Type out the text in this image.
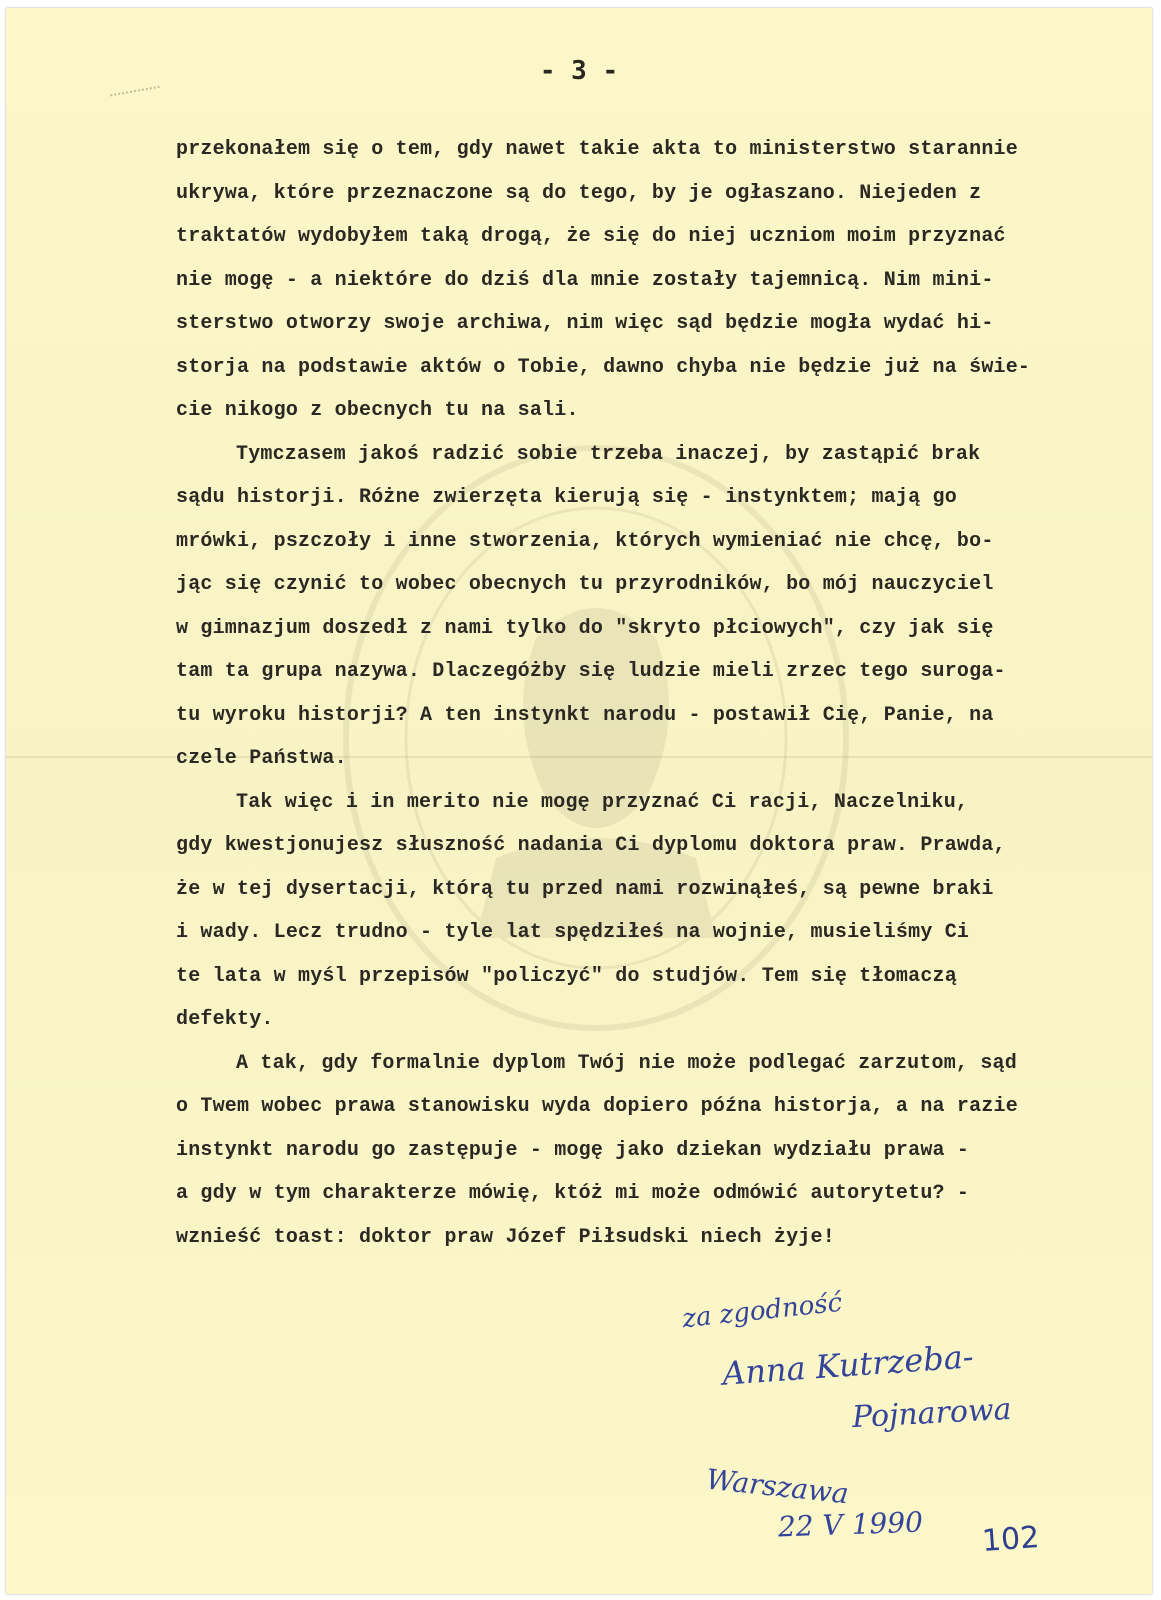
- 3 -
przekonałem się o tem, gdy nawet takie akta to ministerstwo starannie
ukrywa, które przeznaczone są do tego, by je ogłaszano. Niejeden z
traktatów wydobyłem taką drogą, że się do niej uczniom moim przyznać
nie mogę - a niektóre do dziś dla mnie zostały tajemnicą. Nim mini-
sterstwo otworzy swoje archiwa, nim więc sąd będzie mogła wydać hi-
storja na podstawie aktów o Tobie, dawno chyba nie będzie już na świe-
cie nikogo z obecnych tu na sali.
Tymczasem jakoś radzić sobie trzeba inaczej, by zastąpić brak
sądu historji. Różne zwierzęta kierują się - instynktem; mają go
mrówki, pszczoły i inne stworzenia, których wymieniać nie chcę, bo-
jąc się czynić to wobec obecnych tu przyrodników, bo mój nauczyciel
w gimnazjum doszedł z nami tylko do "skryto płciowych", czy jak się
tam ta grupa nazywa. Dlaczegóżby się ludzie mieli zrzec tego suroga-
tu wyroku historji? A ten instynkt narodu - postawił Cię, Panie, na
czele Państwa.
Tak więc i in merito nie mogę przyznać Ci racji, Naczelniku,
gdy kwestjonujesz słuszność nadania Ci dyplomu doktora praw. Prawda,
że w tej dysertacji, którą tu przed nami rozwinąłeś, są pewne braki
i wady. Lecz trudno - tyle lat spędziłeś na wojnie, musieliśmy Ci
te lata w myśl przepisów "policzyć" do studjów. Tem się tłomaczą
defekty.
A tak, gdy formalnie dyplom Twój nie może podlegać zarzutom, sąd
o Twem wobec prawa stanowisku wyda dopiero późna historja, a na razie
instynkt narodu go zastępuje - mogę jako dziekan wydziału prawa -
a gdy w tym charakterze mówię, któż mi może odmówić autorytetu? -
wznieść toast: doktor praw Józef Piłsudski niech żyje!
za zgodność
Anna Kutrzeba-
Pojnarowa
Warszawa
22 V 1990 102
